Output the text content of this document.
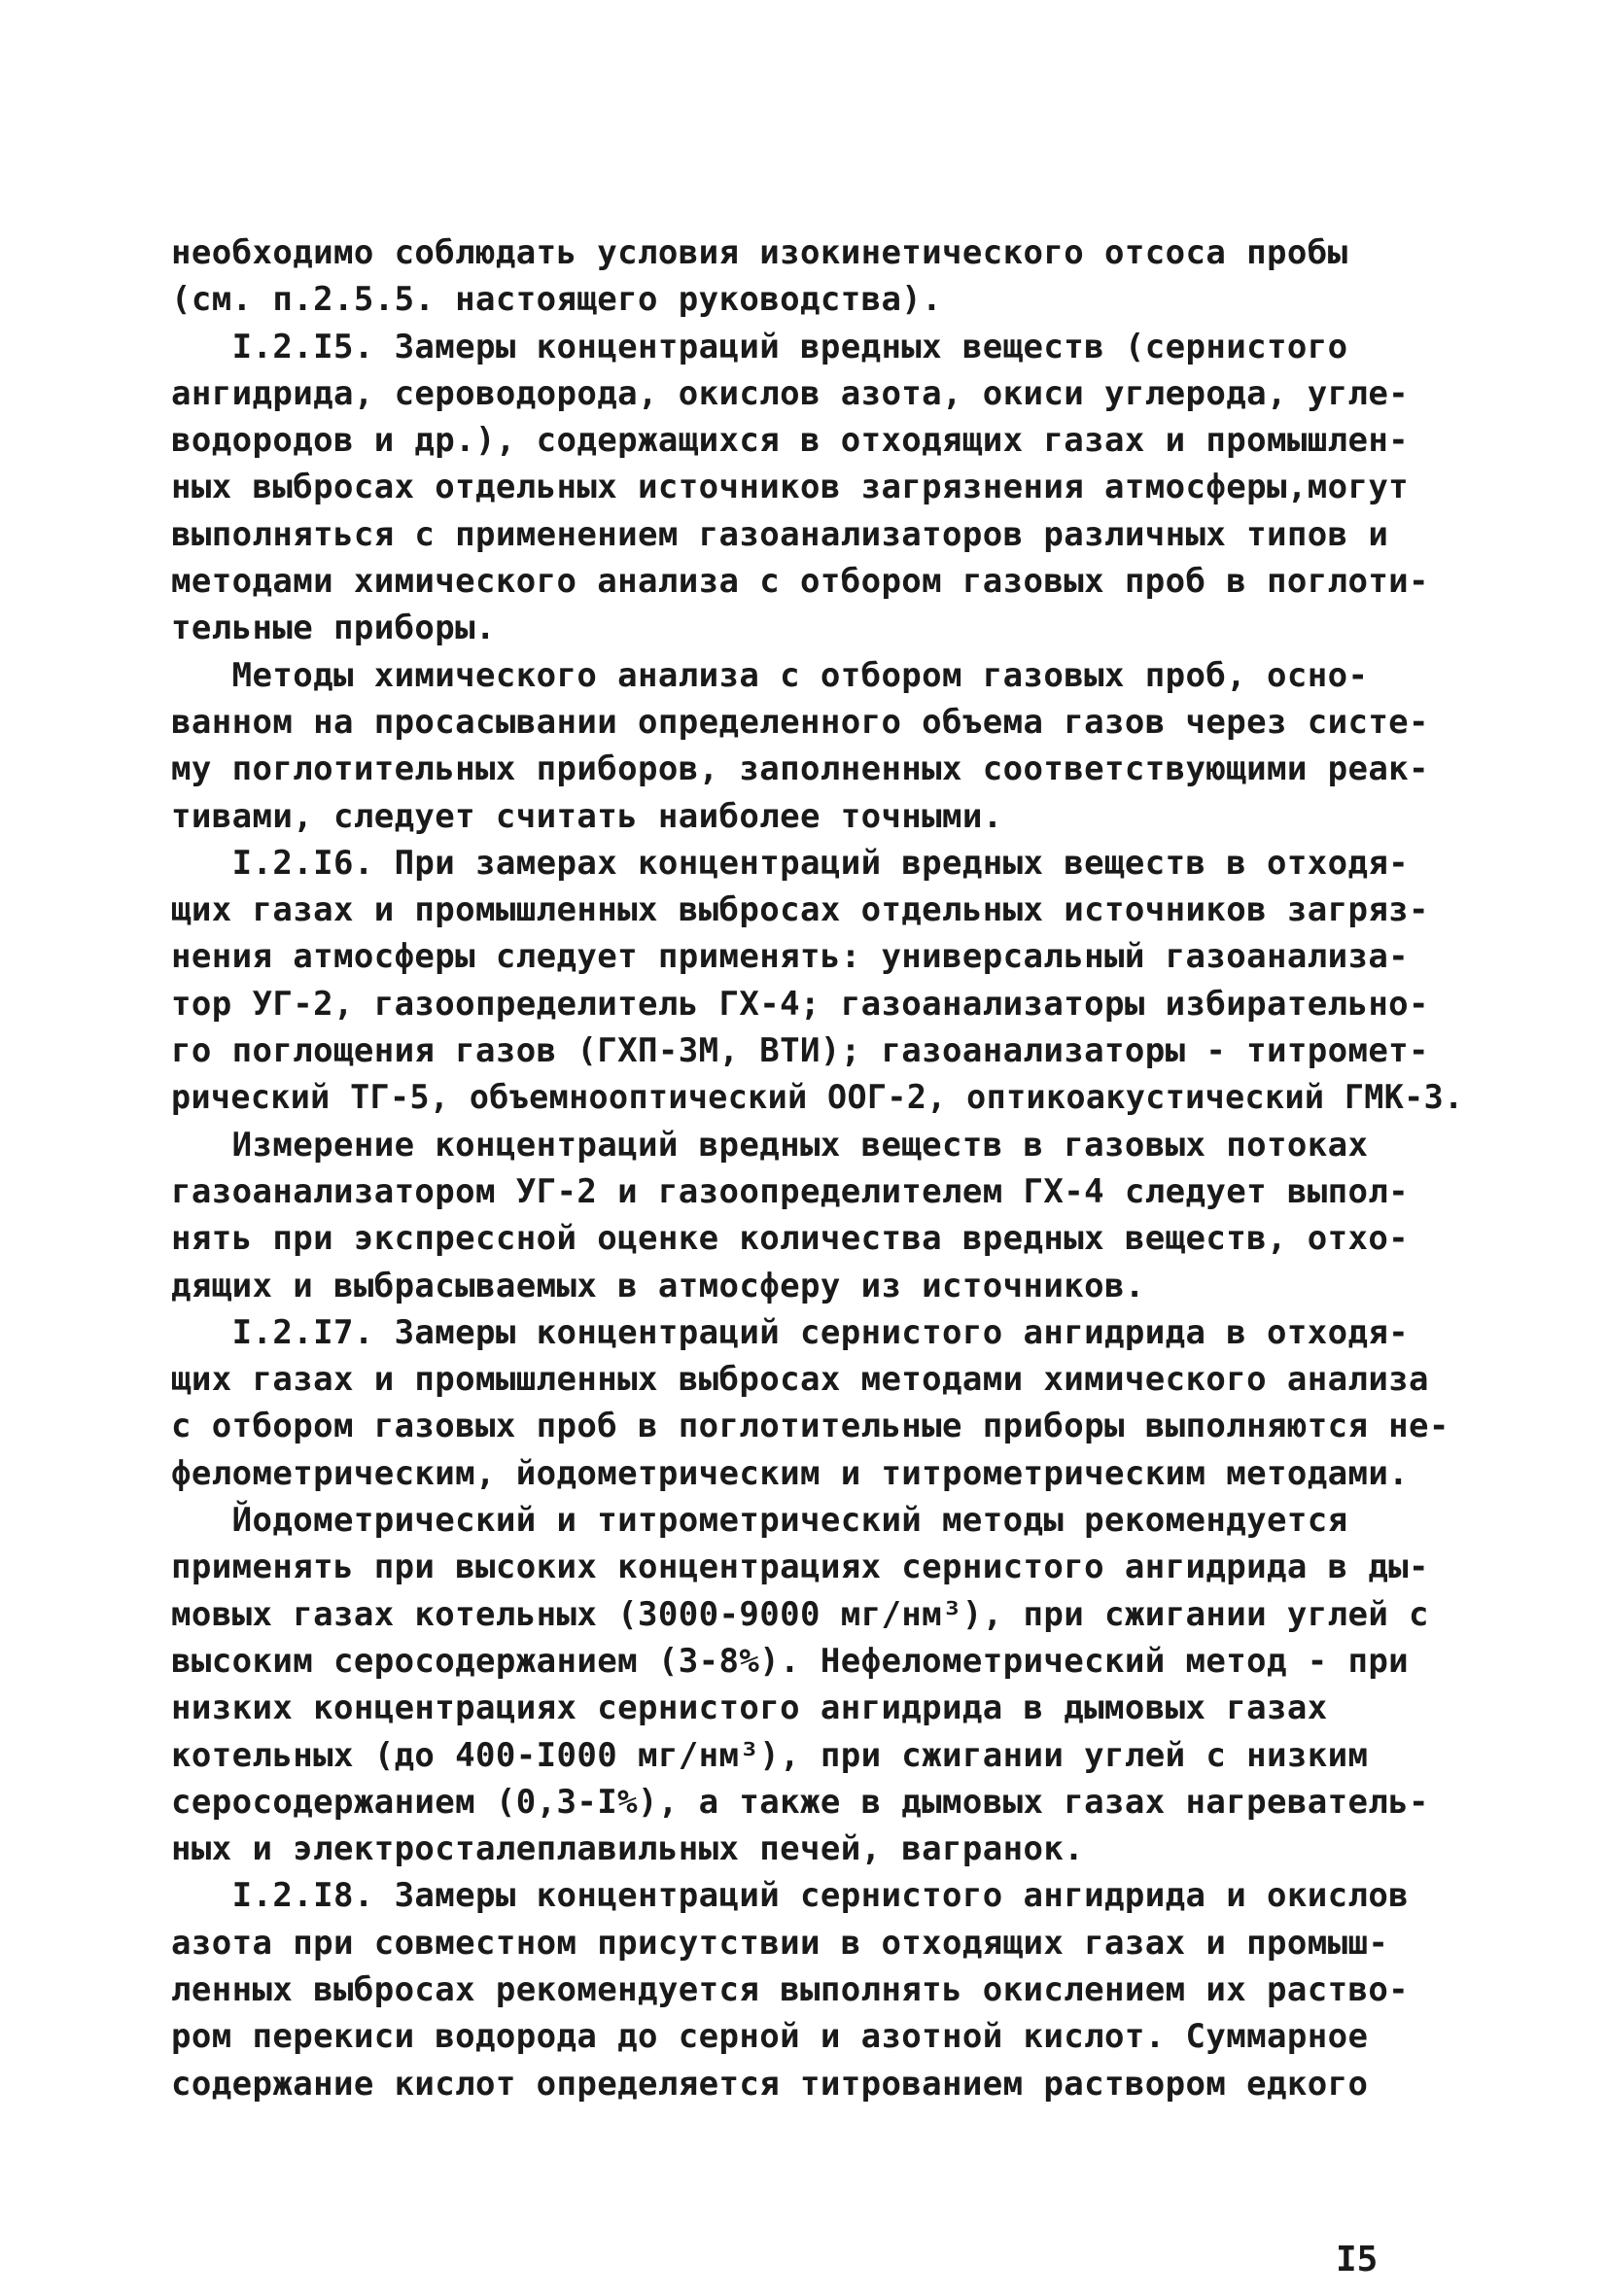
необходимо соблюдать условия изокинетического отсоса пробы
(см. п.2.5.5. настоящего руководства).
I.2.I5. Замеры концентраций вредных веществ (сернистого
ангидрида, сероводорода, окислов азота, окиси углерода, угле-
водородов и др.), содержащихся в отходящих газах и промышлен-
ных выбросах отдельных источников загрязнения атмосферы,могут
выполняться с применением газоанализаторов различных типов и
методами химического анализа с отбором газовых проб в поглоти-
тельные приборы.
Методы химического анализа с отбором газовых проб, осно-
ванном на просасывании определенного объема газов через систе-
му поглотительных приборов, заполненных соответствующими реак-
тивами, следует считать наиболее точными.
I.2.I6. При замерах концентраций вредных веществ в отходя-
щих газах и промышленных выбросах отдельных источников загряз-
нения атмосферы следует применять: универсальный газоанализа-
тор УГ-2, газоопределитель ГХ-4; газоанализаторы избирательно-
го поглощения газов (ГХП-3М, ВТИ); газоанализаторы - титромет-
рический ТГ-5, объемнооптический ООГ-2, оптикоакустический ГМК-3.
Измерение концентраций вредных веществ в газовых потоках
газоанализатором УГ-2 и газоопределителем ГХ-4 следует выпол-
нять при экспрессной оценке количества вредных веществ, отхо-
дящих и выбрасываемых в атмосферу из источников.
I.2.I7. Замеры концентраций сернистого ангидрида в отходя-
щих газах и промышленных выбросах методами химического анализа
с отбором газовых проб в поглотительные приборы выполняются не-
фелометрическим, йодометрическим и титрометрическим методами.
Йодометрический и титрометрический методы рекомендуется
применять при высоких концентрациях сернистого ангидрида в ды-
мовых газах котельных (3000-9000 мг/нм³), при сжигании углей с
высоким серосодержанием (3-8%). Нефелометрический метод - при
низких концентрациях сернистого ангидрида в дымовых газах
котельных (до 400-I000 мг/нм³), при сжигании углей с низким
серосодержанием (0,3-I%), а также в дымовых газах нагреватель-
ных и электросталеплавильных печей, вагранок.
I.2.I8. Замеры концентраций сернистого ангидрида и окислов
азота при совместном присутствии в отходящих газах и промыш-
ленных выбросах рекомендуется выполнять окислением их раство-
ром перекиси водорода до серной и азотной кислот. Суммарное
содержание кислот определяется титрованием раствором едкого
I5
